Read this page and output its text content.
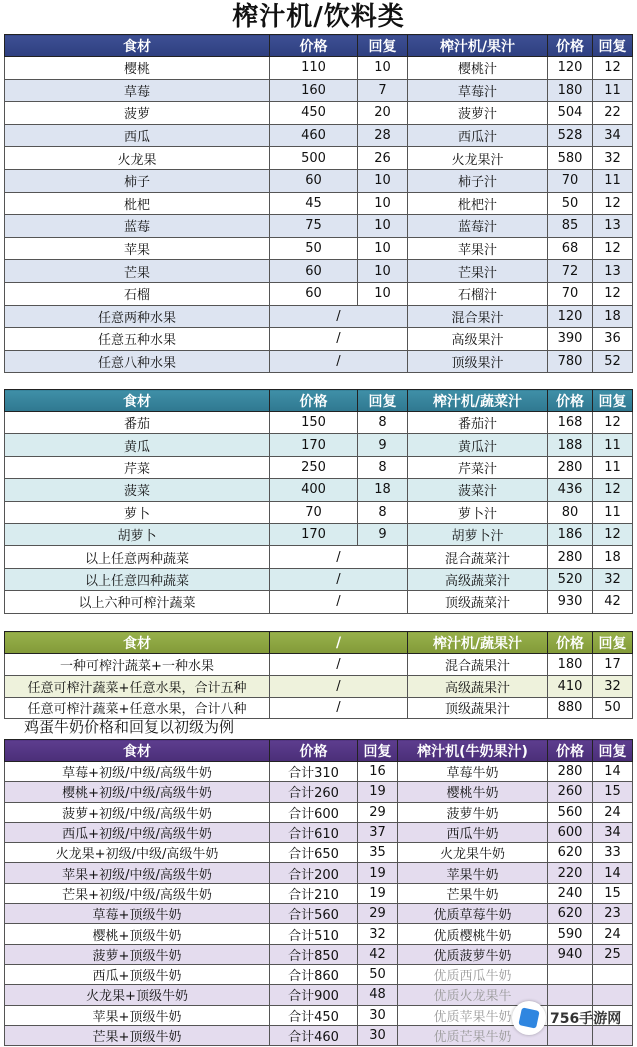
榨汁机/饮料类
食材	价格	回复	榨汁机/果汁	价格	回复
樱桃	110	10	樱桃汁	120	12
草莓	160	7	草莓汁	180	11
菠萝	450	20	菠萝汁	504	22
西瓜	460	28	西瓜汁	528	34
火龙果	500	26	火龙果汁	580	32
柿子	60	10	柿子汁	70	11
枇杷	45	10	枇杷汁	50	12
蓝莓	75	10	蓝莓汁	85	13
苹果	50	10	苹果汁	68	12
芒果	60	10	芒果汁	72	13
石榴	60	10	石榴汁	70	12
任意两种水果	/		混合果汁	120	18
任意五种水果	/		高级果汁	390	36
任意八种水果	/		顶级果汁	780	52
食材	价格	回复	榨汁机/蔬菜汁	价格	回复
番茄	150	8	番茄汁	168	12
黄瓜	170	9	黄瓜汁	188	11
芹菜	250	8	芹菜汁	280	11
菠菜	400	18	菠菜汁	436	12
萝卜	70	8	萝卜汁	80	11
胡萝卜	170	9	胡萝卜汁	186	12
以上任意两种蔬菜	/		混合蔬菜汁	280	18
以上任意四种蔬菜	/		高级蔬菜汁	520	32
以上六种可榨汁蔬菜	/		顶级蔬菜汁	930	42
食材	/	榨汁机/蔬果汁	价格	回复
一种可榨汁蔬菜+一种水果	/	混合蔬果汁	180	17
任意可榨汁蔬菜+任意水果，合计五种	/	高级蔬果汁	410	32
任意可榨汁蔬菜+任意水果，合计八种	/	顶级蔬果汁	880	50
鸡蛋牛奶价格和回复以初级为例
食材	价格	回复	榨汁机(牛奶果汁)	价格	回复
草莓+初级/中级/高级牛奶	合计310	16	草莓牛奶	280	14
樱桃+初级/中级/高级牛奶	合计260	19	樱桃牛奶	260	15
菠萝+初级/中级/高级牛奶	合计600	29	菠萝牛奶	560	24
西瓜+初级/中级/高级牛奶	合计610	37	西瓜牛奶	600	34
火龙果+初级/中级/高级牛奶	合计650	35	火龙果牛奶	620	33
苹果+初级/中级/高级牛奶	合计200	19	苹果牛奶	220	14
芒果+初级/中级/高级牛奶	合计210	19	芒果牛奶	240	15
草莓+顶级牛奶	合计560	29	优质草莓牛奶	620	23
樱桃+顶级牛奶	合计510	32	优质樱桃牛奶	590	24
菠萝+顶级牛奶	合计850	42	优质菠萝牛奶	940	25
西瓜+顶级牛奶	合计860	50	优质西瓜牛奶		
火龙果+顶级牛奶	合计900	48	优质火龙果牛		
苹果+顶级牛奶	合计450	30	优质苹果牛奶		
芒果+顶级牛奶	合计460	30	优质芒果牛奶		
756手游网
